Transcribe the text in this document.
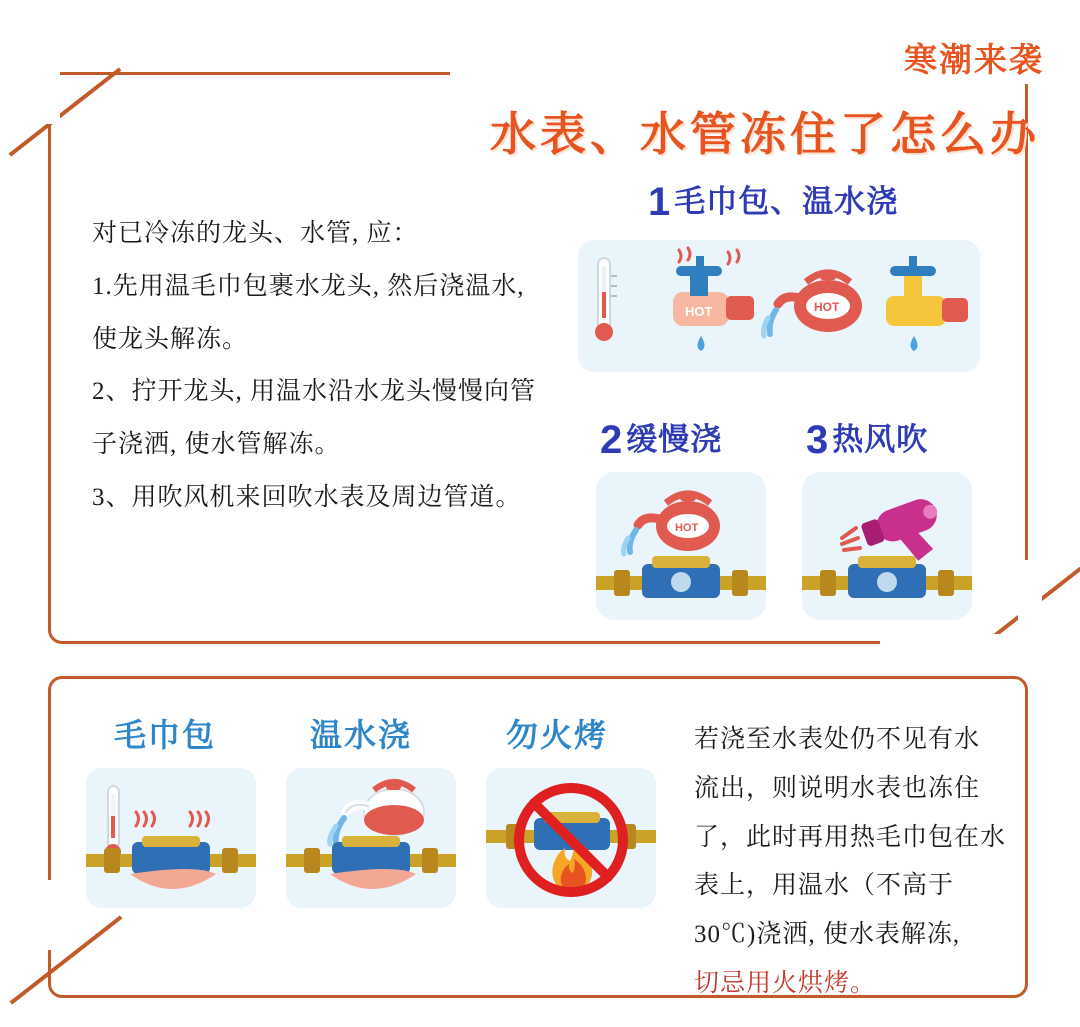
寒潮来袭
水表、水管冻住了怎么办

对已冷冻的龙头、水管, 应：

1.先用温毛巾包裹水龙头, 然后浇温水,

使龙头解冻。

2、拧开龙头, 用温水沿水龙头慢慢向管

子浇洒, 使水管解冻。

3、用吹风机来回吹水表及周边管道。

1 毛巾包、温水浇
2 缓慢浇 3 热风吹
HOT	HOT
HOT
毛巾包	温水浇	勿火烤	若浇至水表处仍不见有水
流出，则说明水表也冻住
了，此时再用热毛巾包在水
表上，用温水（不高于
30℃)浇洒, 使水表解冻,
切忌用火烘烤。
